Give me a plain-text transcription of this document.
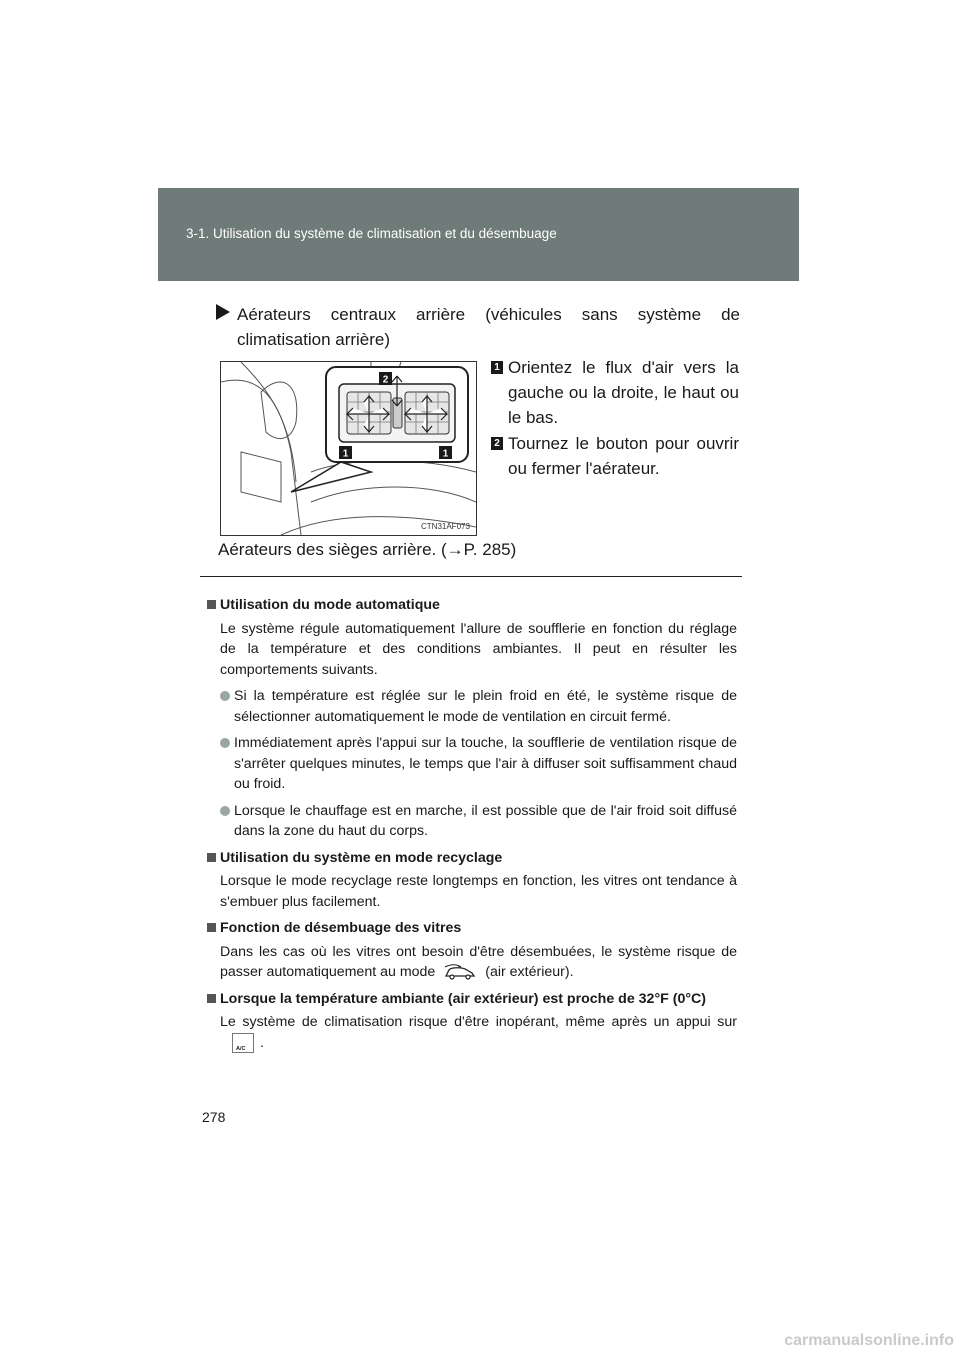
3-1. Utilisation du système de climatisation et du désembuage
Aérateurs centraux arrière (véhicules sans système de climatisation arrière)
1	1
2
CTN31AF073
1 Orientez le flux d'air vers la gauche ou la droite, le haut ou le bas.
2 Tournez le bouton pour ouvrir ou fermer l'aérateur.
Aérateurs des sièges arrière. (→P. 285)
Utilisation du mode automatique
Le système régule automatiquement l'allure de soufflerie en fonction du réglage de la température et des conditions ambiantes. Il peut en résulter les comportements suivants.
Si la température est réglée sur le plein froid en été, le système risque de sélectionner automatiquement le mode de ventilation en circuit fermé.
Immédiatement après l'appui sur la touche, la soufflerie de ventilation risque de s'arrêter quelques minutes, le temps que l'air à diffuser soit suffisamment chaud ou froid.
Lorsque le chauffage est en marche, il est possible que de l'air froid soit diffusé dans la zone du haut du corps.
Utilisation du système en mode recyclage
Lorsque le mode recyclage reste longtemps en fonction, les vitres ont tendance à s'embuer plus facilement.
Fonction de désembuage des vitres
Dans les cas où les vitres ont besoin d'être désembuées, le système risque de passer automatiquement au mode	(air extérieur).
Lorsque la température ambiante (air extérieur) est proche de 32°F (0°C)
Le système de climatisation risque d'être inopérant, même après un appui sur
A/C .
278
carmanualsonline.info
